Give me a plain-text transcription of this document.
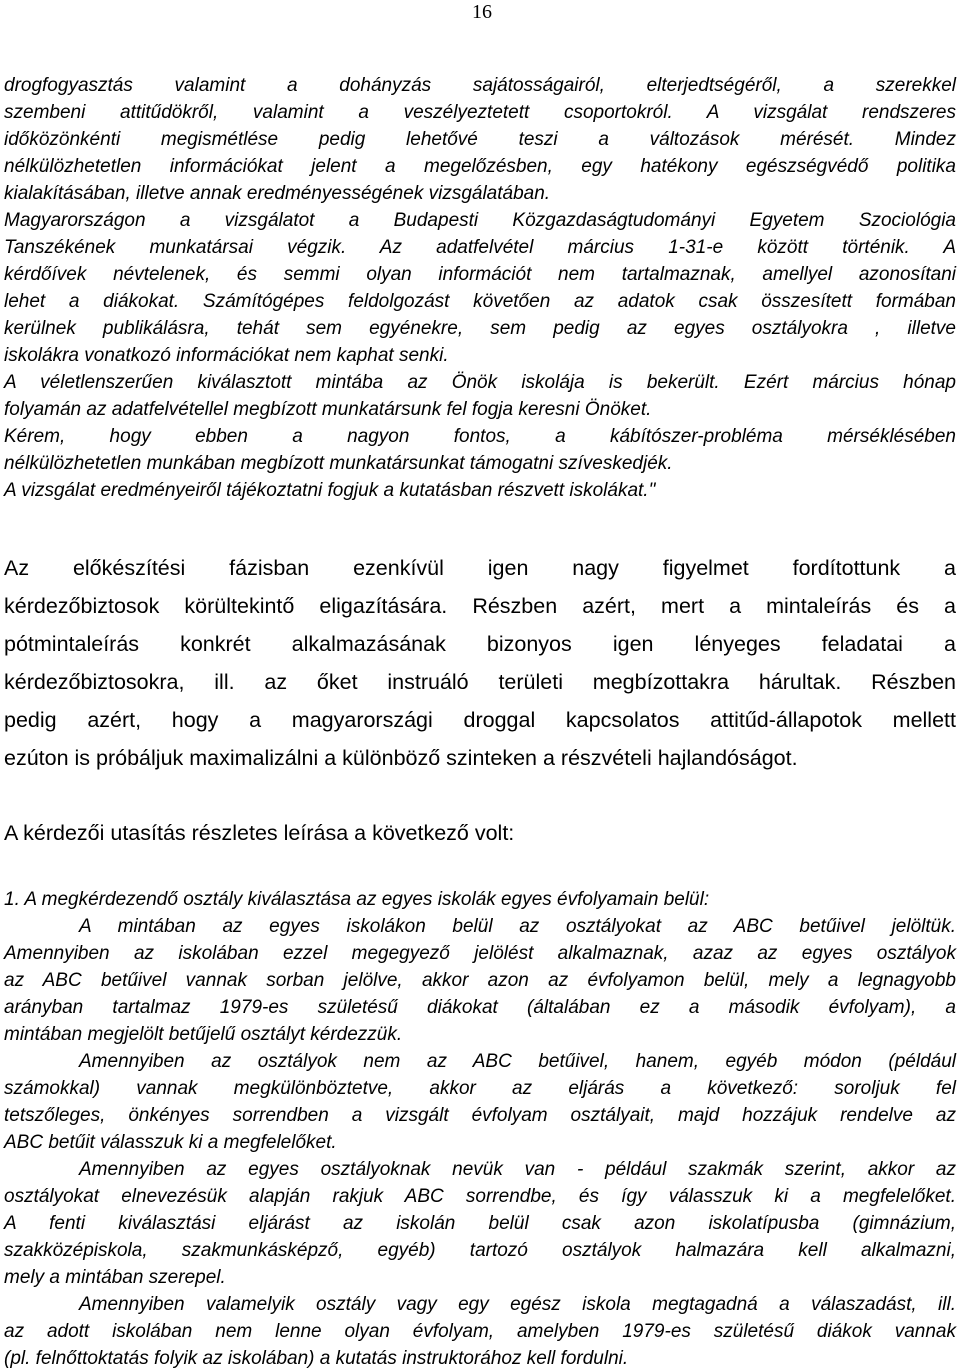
16
drogfogyasztás valamint a dohányzás sajátosságairól, elterjedtségéről, a szerekkel
szembeni attitűdökről, valamint a veszélyeztetett csoportokról. A vizsgálat rendszeres
időközönkénti megismétlése pedig lehetővé teszi a változások mérését. Mindez
nélkülözhetetlen információkat jelent a megelőzésben, egy hatékony egészségvédő politika
kialakításában, illetve annak eredményességének vizsgálatában.
Magyarországon a vizsgálatot a Budapesti Közgazdaságtudományi Egyetem Szociológia
Tanszékének munkatársai végzik. Az adatfelvétel március 1-31-e között történik. A
kérdőívek névtelenek, és semmi olyan információt nem tartalmaznak, amellyel azonosítani
lehet a diákokat. Számítógépes feldolgozást követően az adatok csak összesített formában
kerülnek publikálásra, tehát sem egyénekre, sem pedig az egyes osztályokra , illetve
iskolákra vonatkozó információkat nem kaphat senki.
A véletlenszerűen kiválasztott mintába az Önök iskolája is bekerült. Ezért március hónap
folyamán az adatfelvétellel megbízott munkatársunk fel fogja keresni Önöket.
Kérem, hogy ebben a nagyon fontos, a kábítószer-probléma mérséklésében
nélkülözhetetlen munkában megbízott munkatársunkat támogatni szíveskedjék.
A vizsgálat eredményeiről tájékoztatni fogjuk a kutatásban részvett iskolákat."
Az előkészítési fázisban ezenkívül igen nagy figyelmet fordítottunk a
kérdezőbiztosok körültekintő eligazítására. Részben azért, mert a mintaleírás és a
pótmintaleírás konkrét alkalmazásának bizonyos igen lényeges feladatai a
kérdezőbiztosokra, ill. az őket instruáló területi megbízottakra hárultak. Részben
pedig azért, hogy a magyarországi droggal kapcsolatos attitűd-állapotok mellett
ezúton is próbáljuk maximalizálni a különböző szinteken a részvételi hajlandóságot.
A kérdezői utasítás részletes leírása a következő volt:
1. A megkérdezendő osztály kiválasztása az egyes iskolák egyes évfolyamain belül:
A mintában az egyes iskolákon belül az osztályokat az ABC betűivel jelöltük.
Amennyiben az iskolában ezzel megegyező jelölést alkalmaznak, azaz az egyes osztályok
az ABC betűivel vannak sorban jelölve, akkor azon az évfolyamon belül, mely a legnagyobb
arányban tartalmaz 1979-es születésű diákokat (általában ez a második évfolyam), a
mintában megjelölt betűjelű osztályt kérdezzük.
Amennyiben az osztályok nem az ABC betűivel, hanem, egyéb módon (például
számokkal) vannak megkülönböztetve, akkor az eljárás a következő: soroljuk fel
tetszőleges, önkényes sorrendben a vizsgált évfolyam osztályait, majd hozzájuk rendelve az
ABC betűit válasszuk ki a megfelelőket.
Amennyiben az egyes osztályoknak nevük van - például szakmák szerint, akkor az
osztályokat elnevezésük alapján rakjuk ABC sorrendbe, és így válasszuk ki a megfelelőket.
A fenti kiválasztási eljárást az iskolán belül csak azon iskolatípusba (gimnázium,
szakközépiskola, szakmunkásképző, egyéb) tartozó osztályok halmazára kell alkalmazni,
mely a mintában szerepel.
Amennyiben valamelyik osztály vagy egy egész iskola megtagadná a válaszadást, ill.
az adott iskolában nem lenne olyan évfolyam, amelyben 1979-es születésű diákok vannak
(pl. felnőttoktatás folyik az iskolában) a kutatás instruktorához kell fordulni.
